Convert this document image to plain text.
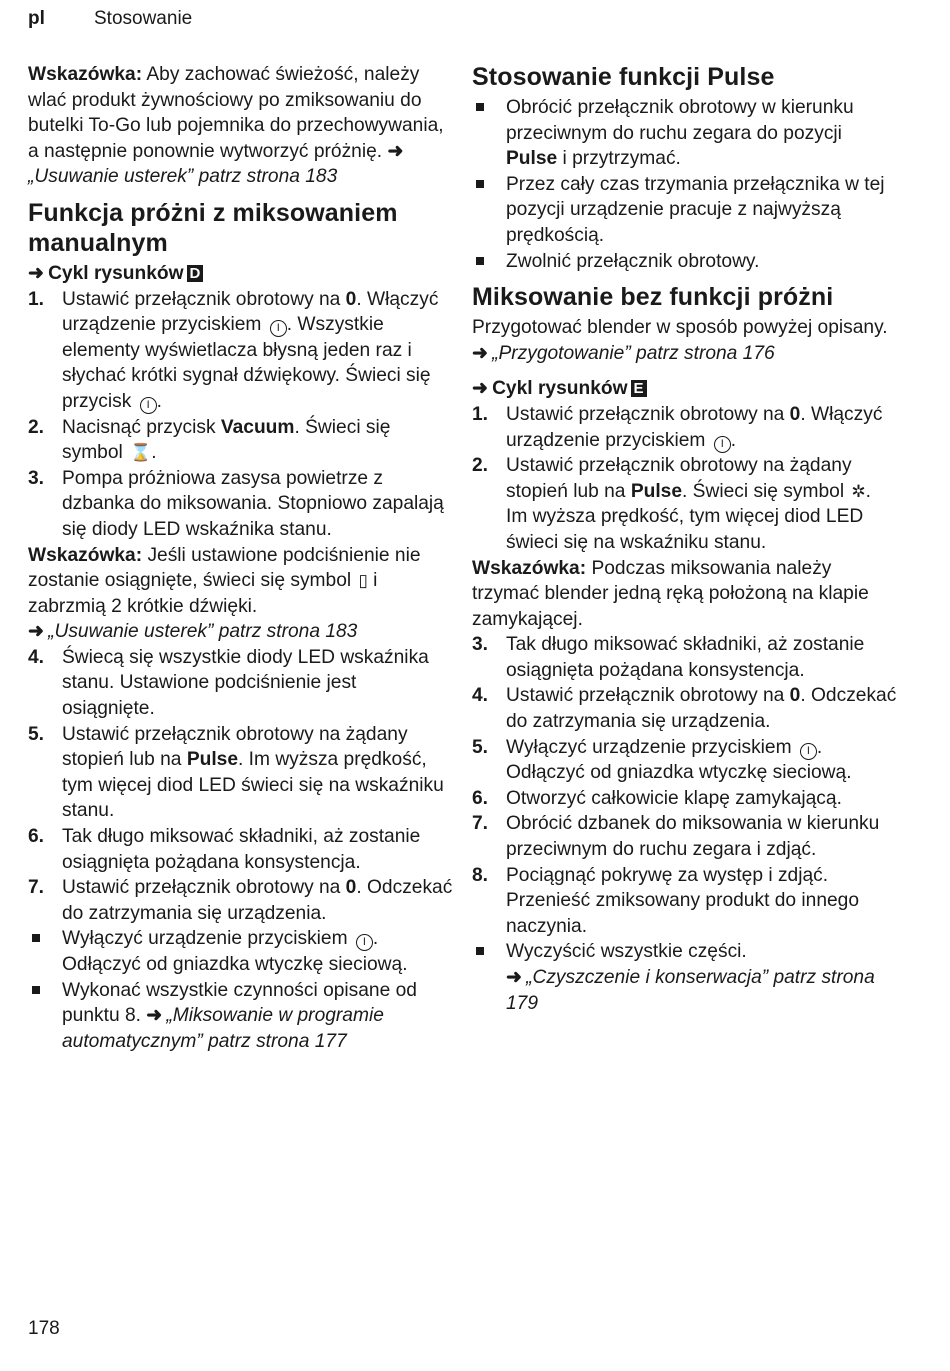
pl	Stosowanie

Wskazówka: Aby zachować świeżość, należy wlać produkt żywnościowy po zmiksowaniu do butelki To-Go lub pojemnika do przechowywania, a następnie ponownie wytworzyć próżnię. ➜„Usuwanie usterek” patrz strona 183

Funkcja próżni z miksowaniem manualnym

➜ Cykl rysunków D

1. Ustawić przełącznik obrotowy na 0. Włączyć urządzenie przyciskiem I . Wszystkie elementy wyświetlacza błysną jeden raz i słychać krótki sygnał dźwiękowy. Świeci się przycisk I .
2. Nacisnąć przycisk Vacuum. Świeci się symbol ⌛.
3. Pompa próżniowa zasysa powietrze z dzbanka do miksowania. Stopniowo zapalają się diody LED wskaźnika stanu.

Wskazówka: Jeśli ustawione podciśnienie nie zostanie osiągnięte, świeci się symbol ▯ i zabrzmią 2 krótkie dźwięki.

➜ „Usuwanie usterek” patrz strona 183

4. Świecą się wszystkie diody LED wskaźnika stanu. Ustawione podciśnienie jest osiągnięte.
5. Ustawić przełącznik obrotowy na żądany stopień lub na Pulse. Im wyższa prędkość, tym więcej diod LED świeci się na wskaźniku stanu.
6. Tak długo miksować składniki, aż zostanie osiągnięta pożądana konsystencja.
7. Ustawić przełącznik obrotowy na 0. Odczekać do zatrzymania się urządzenia.
Wyłączyć urządzenie przyciskiem I . Odłączyć od gniazdka wtyczkę sieciową.
Wykonać wszystkie czynności opisane od punktu 8. ➜ „Miksowanie w programie automatycznym” patrz strona 177
Stosowanie funkcji Pulse
Obrócić przełącznik obrotowy w kierunku przeciwnym do ruchu zegara do pozycji Pulse i przytrzymać.
Przez cały czas trzymania przełącznika w tej pozycji urządzenie pracuje z najwyższą prędkością.
Zwolnić przełącznik obrotowy.
Miksowanie bez funkcji próżni

Przygotować blender w sposób powyżej opisany. ➜ „Przygotowanie” patrz strona 176

➜ Cykl rysunków E

1. Ustawić przełącznik obrotowy na 0. Włączyć urządzenie przyciskiem I .
2. Ustawić przełącznik obrotowy na żądany stopień lub na Pulse. Świeci się symbol ✲. Im wyższa prędkość, tym więcej diod LED świeci się na wskaźniku stanu.

Wskazówka: Podczas miksowania należy trzymać blender jedną ręką położoną na klapie zamykającej.

3. Tak długo miksować składniki, aż zostanie osiągnięta pożądana konsystencja.
4. Ustawić przełącznik obrotowy na 0. Odczekać do zatrzymania się urządzenia.
5. Wyłączyć urządzenie przyciskiem I . Odłączyć od gniazdka wtyczkę sieciową.
6. Otworzyć całkowicie klapę zamykającą.
7. Obrócić dzbanek do miksowania w kierunku przeciwnym do ruchu zegara i zdjąć.
8. Pociągnąć pokrywę za występ i zdjąć. Przenieść zmiksowany produkt do innego naczynia.
Wyczyścić wszystkie części.
➜ „Czyszczenie i konserwacja” patrz strona 179
178
